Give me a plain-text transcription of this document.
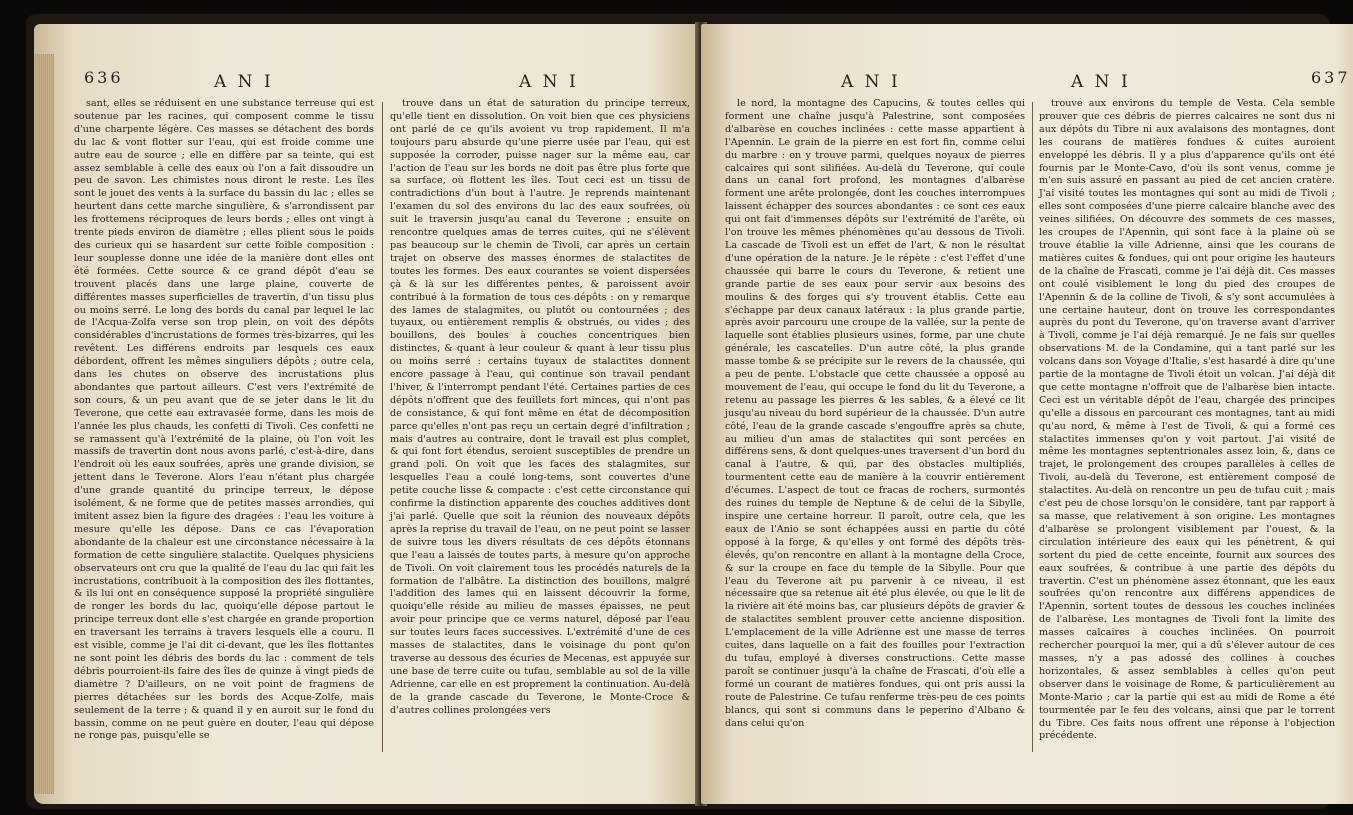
636	A N I	A N I

sant, elles se réduisent en une substance terreuse qui est soutenue par les racines, qui composent comme le tissu d'une charpente légère. Ces masses se détachent des bords du lac & vont flotter sur l'eau, qui est froide comme une autre eau de source ; elle en diffère par sa teinte, qui est assez semblable à celle des eaux où l'on a fait dissoudre un peu de savon. Les chimistes nous diront le reste. Les îles sont le jouet des vents à la surface du bassin du lac ; elles se heurtent dans cette marche singulière, & s'arrondissent par les frottemens réciproques de leurs bords ; elles ont vingt à trente pieds environ de diamètre ; elles plient sous le poids des curieux qui se hasardent sur cette foible composition : leur souplesse donne une idée de la manière dont elles ont été formées. Cette source & ce grand dépôt d'eau se trouvent placés dans une large plaine, couverte de différentes masses superficielles de travertin, d'un tissu plus ou moins serré. Le long des bords du canal par lequel le lac de l'Acqua-Zolfa verse son trop plein, on voit des dépôts considérables d'incrustations de formes très-bizarres, qui les revêtent. Les différens endroits par lesquels ces eaux débordent, offrent les mêmes singuliers dépôts ; outre cela, dans les chutes on observe des incrustations plus abondantes que partout ailleurs. C'est vers l'extrémité de son cours, & un peu avant que de se jeter dans le lit du Teverone, que cette eau extravasée forme, dans les mois de l'année les plus chauds, les confetti di Tivoli. Ces confetti ne se ramassent qu'à l'extrémité de la plaine, où l'on voit les massifs de travertin dont nous avons parlé, c'est-à-dire, dans l'endroit où les eaux soufrées, après une grande division, se jettent dans le Teverone. Alors l'eau n'étant plus chargée d'une grande quantité du principe terreux, le dépose isolément, & ne forme que de petites masses arrondies, qui imitent assez bien la figure des dragées : l'eau les voiture à mesure qu'elle les dépose. Dans ce cas l'évaporation abondante de la chaleur est une circonstance nécessaire à la formation de cette singulière stalactite. Quelques physiciens observateurs ont cru que la qualité de l'eau du lac qui fait les incrustations, contribuoit à la composition des îles flottantes, & ils lui ont en conséquence supposé la propriété singulière de ronger les bords du lac, quoiqu'elle dépose partout le principe terreux dont elle s'est chargée en grande proportion en traversant les terrains à travers lesquels elle a couru. Il est visible, comme je l'ai dit ci-devant, que les îles flottantes ne sont point les débris des bords du lac : comment de tels débris pourroient-ils faire des îles de quinze à vingt pieds de diamètre ? D'ailleurs, on ne voit point de fragmens de pierres détachées sur les bords des Acque-Zolfe, mais seulement de la terre ; & quand il y en auroit sur le fond du bassin, comme on ne peut guère en douter, l'eau qui dépose ne ronge pas, puisqu'elle se

trouve dans un état de saturation du principe terreux, qu'elle tient en dissolution. On voit bien que ces physiciens ont parlé de ce qu'ils avoient vu trop rapidement. Il m'a toujours paru absurde qu'une pierre usée par l'eau, qui est supposée la corroder, puisse nager sur la même eau, car l'action de l'eau sur les bords ne doit pas être plus forte que sa surface, où flottent les îles. Tout ceci est un tissu de contradictions d'un bout à l'autre. Je reprends maintenant l'examen du sol des environs du lac des eaux soufrées, où suit le traversin jusqu'au canal du Teverone ; ensuite on rencontre quelques amas de terres cuites, qui ne s'élèvent pas beaucoup sur le chemin de Tivoli, car après un certain trajet on observe des masses énormes de stalactites de toutes les formes. Des eaux courantes se voient dispersées çà & là sur les différentes pentes, & paroissent avoir contribué à la formation de tous ces dépôts : on y remarque des lames de stalagmites, ou plutôt ou contournées ; des tuyaux, ou entièrement remplis & obstrués, ou vides ; des bouillons, des boules à couches concentriques bien distinctes, & quant à leur couleur & quant à leur tissu plus ou moins serré : certains tuyaux de stalactites donnent encore passage à l'eau, qui continue son travail pendant l'hiver, & l'interrompt pendant l'été. Certaines parties de ces dépôts n'offrent que des feuillets fort minces, qui n'ont pas de consistance, & qui font même en état de décomposition parce qu'elles n'ont pas reçu un certain degré d'infiltration ; mais d'autres au contraire, dont le travail est plus complet, & qui font fort étendus, seroient susceptibles de prendre un grand poli. On voit que les faces des stalagmites, sur lesquelles l'eau a coulé long-tems, sont couvertes d'une petite couche lisse & compacte : c'est cette circonstance qui confirme la distinction apparente des couches additives dont j'ai parlé. Quelle que soit la réunion des nouveaux dépôts après la reprise du travail de l'eau, on ne peut point se lasser de suivre tous les divers résultats de ces dépôts étonnans que l'eau a laissés de toutes parts, à mesure qu'on approche de Tivoli. On voit clairement tous les procédés naturels de la formation de l'albâtre. La distinction des bouillons, malgré l'addition des lames qui en laissent découvrir la forme, quoiqu'elle réside au milieu de masses épaisses, ne peut avoir pour principe que ce verms naturel, déposé par l'eau sur toutes leurs faces successives. L'extrémité d'une de ces masses de stalactites, dans le voisinage du pont qu'on traverse au dessous des écuries de Mecenas, est appuyée sur une base de terre cuite ou tufau, semblable au sol de la ville Adrienne, car elle en est proprement la continuation. Au-delà de la grande cascade du Teverone, le Monte-Croce & d'autres collines prolongées vers

A N I	A N I	637

le nord, la montagne des Capucins, & toutes celles qui forment une chaîne jusqu'à Palestrine, sont composées d'albarèse en couches inclinées : cette masse appartient à l'Apennin. Le grain de la pierre en est fort fin, comme celui du marbre : on y trouve parmi, quelques noyaux de pierres calcaires qui sont silifiées. Au-delà du Teverone, qui coule dans un canal fort profond, les montagnes d'albarèse forment une arête prolongée, dont les couches interrompues laissent échapper des sources abondantes : ce sont ces eaux qui ont fait d'immenses dépôts sur l'extrémité de l'arête, où l'on trouve les mêmes phénomènes qu'au dessous de Tivoli. La cascade de Tivoli est un effet de l'art, & non le résultat d'une opération de la nature. Je le répète : c'est l'effet d'une chaussée qui barre le cours du Teverone, & retient une grande partie de ses eaux pour servir aux besoins des moulins & des forges qui s'y trouvent établis. Cette eau s'échappe par deux canaux latéraux : la plus grande partie, après avoir parcouru une croupe de la vallée, sur la pente de laquelle sont établies plusieurs usines, forme, par une chute générale, les cascatelles. D'un autre côté, la plus grande masse tombe & se précipite sur le revers de la chaussée, qui a peu de pente. L'obstacle que cette chaussée a opposé au mouvement de l'eau, qui occupe le fond du lit du Teverone, a retenu au passage les pierres & les sables, & a élevé ce lit jusqu'au niveau du bord supérieur de la chaussée. D'un autre côté, l'eau de la grande cascade s'engouffre après sa chute, au milieu d'un amas de stalactites qui sont percées en différens sens, & dont quelques-unes traversent d'un bord du canal à l'autre, & qui, par des obstacles multipliés, tourmentent cette eau de manière à la couvrir entièrement d'écumes. L'aspect de tout ce fracas de rochers, surmontés des ruines du temple de Neptune & de celui de la Sibylle, inspire une certaine horreur. Il paroît, outre cela, que les eaux de l'Anio se sont échappées aussi en partie du côté opposé à la forge, & qu'elles y ont formé des dépôts très-élevés, qu'on rencontre en allant à la montagne della Croce, & sur la croupe en face du temple de la Sibylle. Pour que l'eau du Teverone ait pu parvenir à ce niveau, il est nécessaire que sa retenue ait été plus élevée, ou que le lit de la rivière ait été moins bas, car plusieurs dépôts de gravier & de stalactites semblent prouver cette ancienne disposition. L'emplacement de la ville Adrienne est une masse de terres cuites, dans laquelle on a fait des fouilles pour l'extraction du tufau, employé à diverses constructions. Cette masse paroît se continuer jusqu'à la chaîne de Frascati, d'où elle a formé un courant de matières fondues, qui ont pris aussi la route de Palestrine. Ce tufau renferme très-peu de ces points blancs, qui sont si communs dans le peperino d'Albano & dans celui qu'on

trouve aux environs du temple de Vesta. Cela semble prouver que ces débris de pierres calcaires ne sont dus ni aux dépôts du Tibre ni aux avalaisons des montagnes, dont les courans de matières fondues & cuites auroient enveloppé les débris. Il y a plus d'apparence qu'ils ont été fournis par le Monte-Cavo, d'où ils sont venus, comme je m'en suis assuré en passant au pied de cet ancien cratère. J'ai visité toutes les montagnes qui sont au midi de Tivoli ; elles sont composées d'une pierre calcaire blanche avec des veines silifiées. On découvre des sommets de ces masses, les croupes de l'Apennin, qui sont face à la plaine où se trouve établie la ville Adrienne, ainsi que les courans de matières cuites & fondues, qui ont pour origine les hauteurs de la chaîne de Frascati, comme je l'ai déjà dit. Ces masses ont coulé visiblement le long du pied des croupes de l'Apennin & de la colline de Tivoli, & s'y sont accumulées à une certaine hauteur, dont on trouve les correspondantes auprès du pont du Teverone, qu'on traverse avant d'arriver à Tivoli, comme je l'ai déjà remarqué. Je ne fais sur quelles observations M. de la Condamine, qui a tant parlé sur les volcans dans son Voyage d'Italie, s'est hasardé à dire qu'une partie de la montagne de Tivoli étoit un volcan. J'ai déjà dit que cette montagne n'offroit que de l'albarèse bien intacte. Ceci est un véritable dépôt de l'eau, chargée des principes qu'elle a dissous en parcourant ces montagnes, tant au midi qu'au nord, & même à l'est de Tivoli, & qui a formé ces stalactites immenses qu'on y voit partout. J'ai visité de même les montagnes septentrionales assez loin, &, dans ce trajet, le prolongement des croupes parallèles à celles de Tivoli, au-delà du Teverone, est entièrement composé de stalactites. Au-delà on rencontre un peu de tufau cuit ; mais c'est peu de chose lorsqu'on le considère, tant par rapport à sa masse, que relativement à son origine. Les montagnes d'albarèse se prolongent visiblement par l'ouest, & la circulation intérieure des eaux qui les pénètrent, & qui sortent du pied de cette enceinte, fournit aux sources des eaux soufrées, & contribue à une partie des dépôts du travertin. C'est un phénomène assez étonnant, que les eaux soufrées qu'on rencontre aux différens appendices de l'Apennin, sortent toutes de dessous les couches inclinées de l'albarèse. Les montagnes de Tivoli font la limite des masses calcaires à couches inclinées. On pourroit rechercher pourquoi la mer, qui a dû s'élever autour de ces masses, n'y a pas adossé des collines à couches horizontales, & assez semblables à celles qu'on peut observer dans le voisinage de Rome, & particulièrement au Monte-Mario ; car la partie qui est au midi de Rome a été tourmentée par le feu des volcans, ainsi que par le torrent du Tibre. Ces faits nous offrent une réponse à l'objection précédente.
